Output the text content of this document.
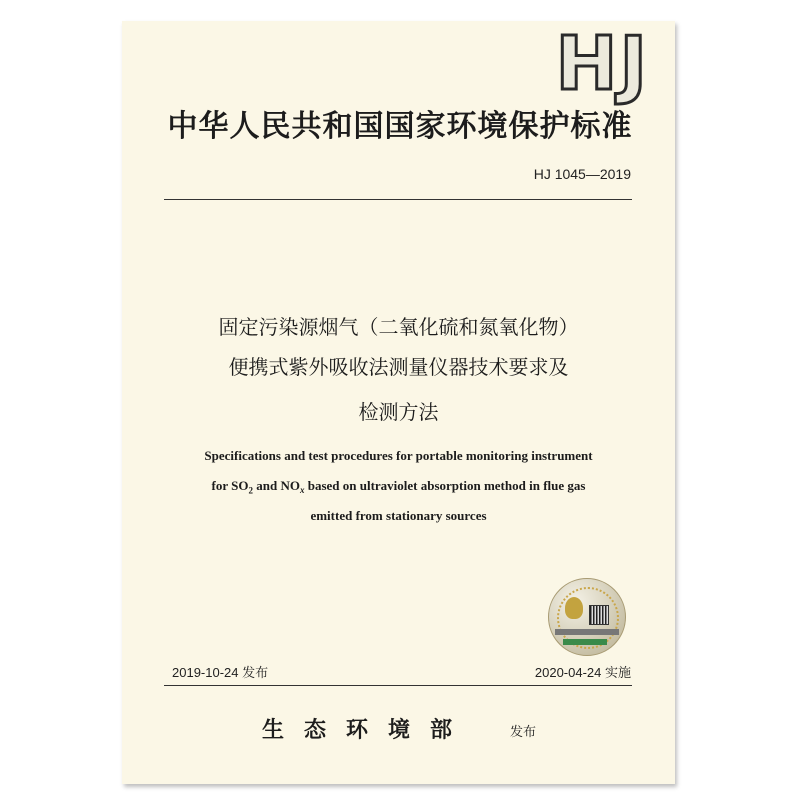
HJ
中华人民共和国国家环境保护标准
HJ 1045—2019
固定污染源烟气（二氧化硫和氮氧化物）
便携式紫外吸收法测量仪器技术要求及
检测方法
Specifications and test procedures for portable monitoring instrument
for $SO_2$ and $NO_x$ based on ultraviolet absorption method in flue gas
emitted from stationary sources
2019-10-24 发布	2020-04-24 实施
生态环境部	发布
